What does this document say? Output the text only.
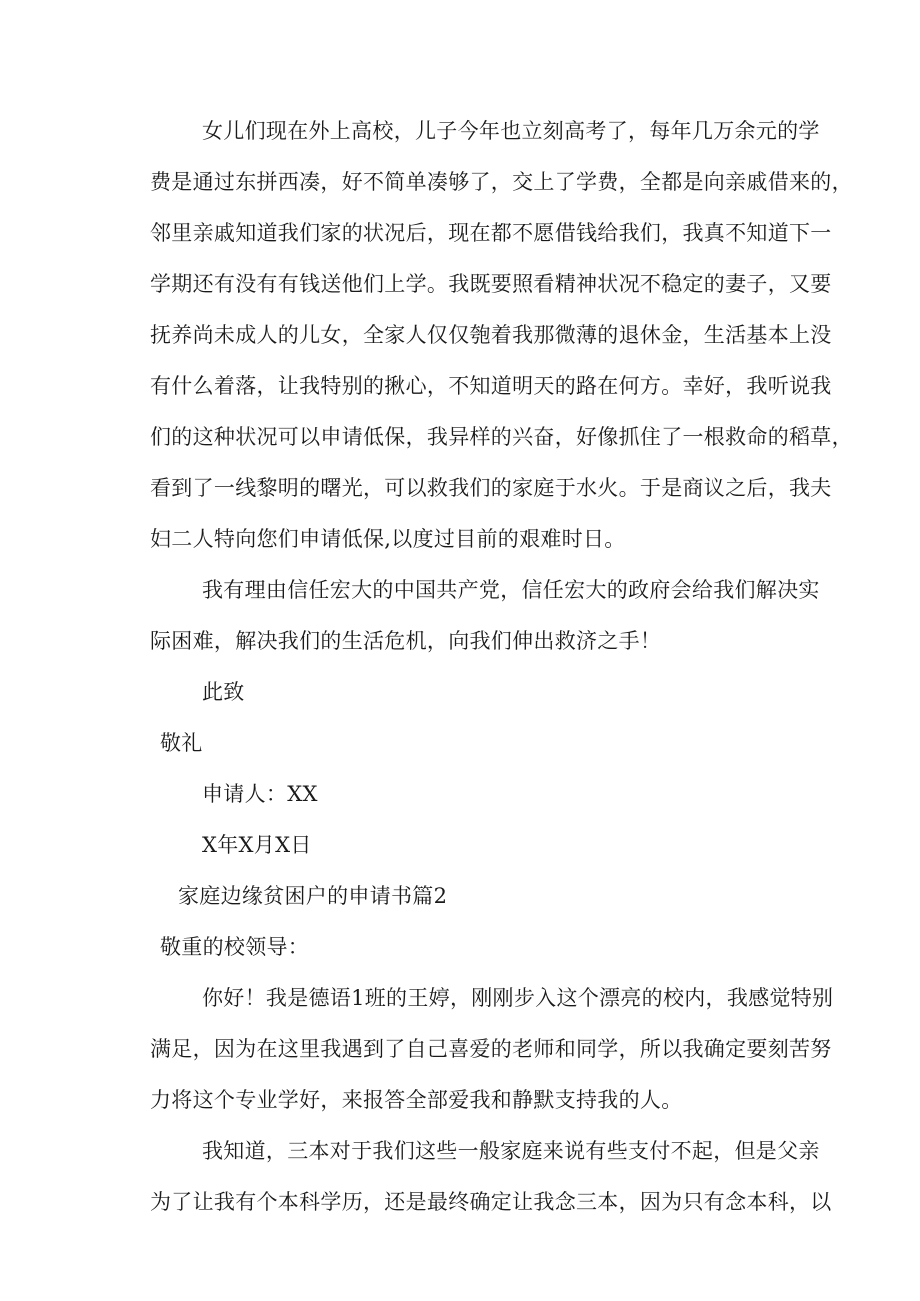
女儿们现在外上高校，儿子今年也立刻高考了，每年几万余元的学
费是通过东拼西凑，好不简单凑够了，交上了学费，全都是向亲戚借来的，
邻里亲戚知道我们家的状况后，现在都不愿借钱给我们，我真不知道下一
学期还有没有有钱送他们上学。我既要照看精神状况不稳定的妻子，又要
抚养尚未成人的儿女，全家人仅仅匏着我那微薄的退休金，生活基本上没
有什么着落，让我特别的揪心，不知道明天的路在何方。幸好，我听说我
们的这种状况可以申请低保，我异样的兴奋，好像抓住了一根救命的稻草，
看到了一线黎明的曙光，可以救我们的家庭于水火。于是商议之后，我夫
妇二人特向您们申请低保,以度过目前的艰难时日。
我有理由信任宏大的中国共产党，信任宏大的政府会给我们解决实
际困难，解决我们的生活危机，向我们伸出救济之手！
此致
敬礼
申请人：XX
X年X月X日
家庭边缘贫困户的申请书篇2
敬重的校领导：
你好！我是德语1班的王婷，刚刚步入这个漂亮的校内，我感觉特别
满足，因为在这里我遇到了自己喜爱的老师和同学，所以我确定要刻苦努
力将这个专业学好，来报答全部爱我和静默支持我的人。
我知道，三本对于我们这些一般家庭来说有些支付不起，但是父亲
为了让我有个本科学历，还是最终确定让我念三本，因为只有念本科，以
